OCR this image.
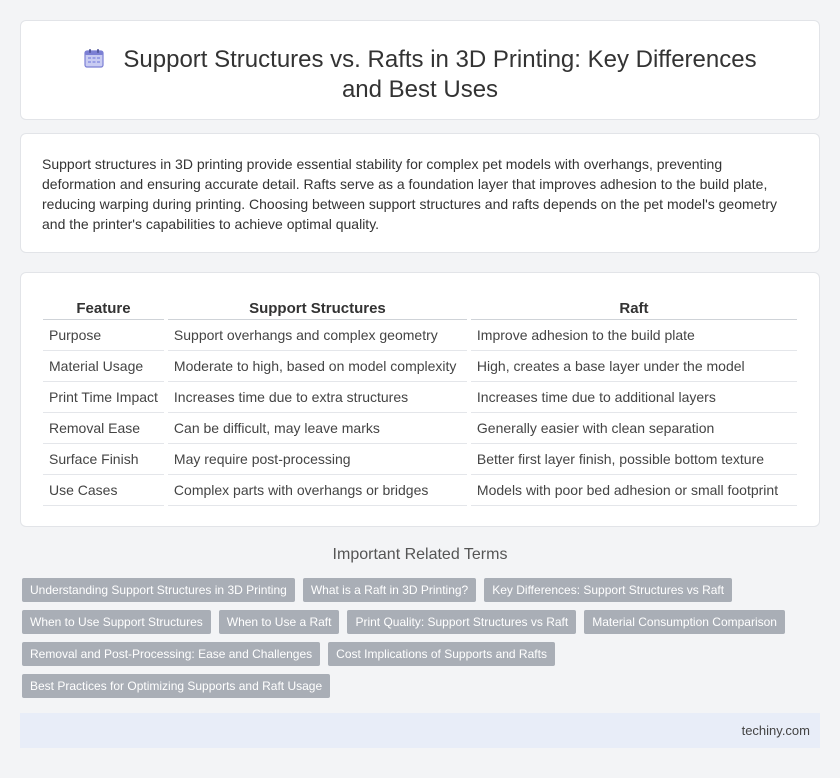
Support Structures vs. Rafts in 3D Printing: Key Differences and Best Uses

Support structures in 3D printing provide essential stability for complex pet models with overhangs, preventing deformation and ensuring accurate detail. Rafts serve as a foundation layer that improves adhesion to the build plate, reducing warping during printing. Choosing between support structures and rafts depends on the pet model's geometry and the printer's capabilities to achieve optimal quality.

Feature	Support Structures	Raft
Purpose	Support overhangs and complex geometry	Improve adhesion to the build plate
Material Usage	Moderate to high, based on model complexity	High, creates a base layer under the model
Print Time Impact	Increases time due to extra structures	Increases time due to additional layers
Removal Ease	Can be difficult, may leave marks	Generally easier with clean separation
Surface Finish	May require post-processing	Better first layer finish, possible bottom texture
Use Cases	Complex parts with overhangs or bridges	Models with poor bed adhesion or small footprint
Important Related Terms
Understanding Support Structures in 3D Printing	What is a Raft in 3D Printing?	Key Differences: Support Structures vs Raft
When to Use Support Structures	When to Use a Raft	Print Quality: Support Structures vs Raft	Material Consumption Comparison
Removal and Post-Processing: Ease and Challenges	Cost Implications of Supports and Rafts
Best Practices for Optimizing Supports and Raft Usage
techiny.com
